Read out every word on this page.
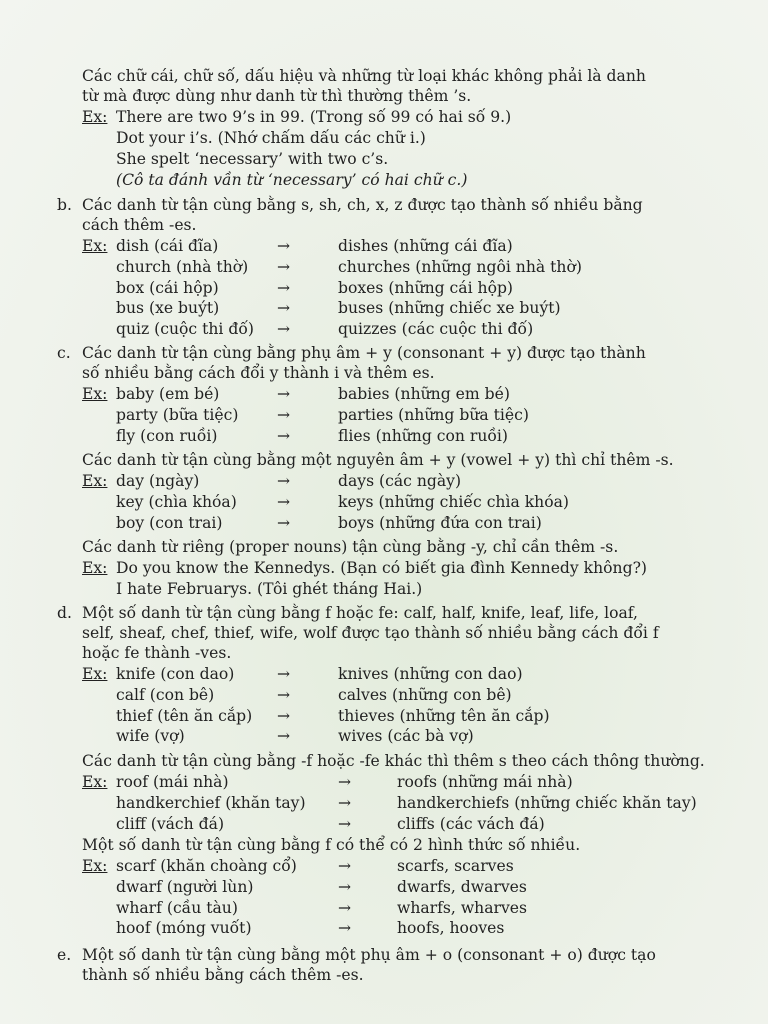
Các chữ cái, chữ số, dấu hiệu và những từ loại khác không phải là danh
từ mà được dùng như danh từ thì thường thêm ’s.
Ex: There are two 9’s in 99. (Trong số 99 có hai số 9.)
Dot your i’s. (Nhớ chấm dấu các chữ i.)
She spelt ‘necessary’ with two c’s.
(Cô ta đánh vần từ ‘necessary’ có hai chữ c.)
b. Các danh từ tận cùng bằng s, sh, ch, x, z được tạo thành số nhiều bằng
cách thêm -es.
Ex: dish (cái đĩa)	→	dishes (những cái đĩa)
church (nhà thờ) →	churches (những ngôi nhà thờ)
box (cái hộp)	→	boxes (những cái hộp)
bus (xe buýt)	→	buses (những chiếc xe buýt)
quiz (cuộc thi đố) →	quizzes (các cuộc thi đố)
c. Các danh từ tận cùng bằng phụ âm + y (consonant + y) được tạo thành
số nhiều bằng cách đổi y thành i và thêm es.
Ex: baby (em bé)	→	babies (những em bé)
party (bữa tiệc) →	parties (những bữa tiệc)
fly (con ruồi)	→	flies (những con ruồi)
Các danh từ tận cùng bằng một nguyên âm + y (vowel + y) thì chỉ thêm -s.
Ex: day (ngày)	→	days (các ngày)
key (chìa khóa)	→	keys (những chiếc chìa khóa)
boy (con trai)	→	boys (những đứa con trai)
Các danh từ riêng (proper nouns) tận cùng bằng -y, chỉ cần thêm -s.
Ex: Do you know the Kennedys. (Bạn có biết gia đình Kennedy không?)
I hate Februarys. (Tôi ghét tháng Hai.)
d. Một số danh từ tận cùng bằng f hoặc fe: calf, half, knife, leaf, life, loaf,
self, sheaf, chef, thief, wife, wolf được tạo thành số nhiều bằng cách đổi f
hoặc fe thành -ves.
Ex: knife (con dao)	→	knives (những con dao)
calf (con bê)	→	calves (những con bê)
thief (tên ăn cắp) →	thieves (những tên ăn cắp)
wife (vợ)	→	wives (các bà vợ)
Các danh từ tận cùng bằng -f hoặc -fe khác thì thêm s theo cách thông thường.
Ex: roof (mái nhà)	→	roofs (những mái nhà)
handkerchief (khăn tay) →	handkerchiefs (những chiếc khăn tay)
cliff (vách đá)	→	cliffs (các vách đá)
Một số danh từ tận cùng bằng f có thể có 2 hình thức số nhiều.
Ex: scarf (khăn choàng cổ)	→	scarfs, scarves
dwarf (người lùn)	→	dwarfs, dwarves
wharf (cầu tàu)	→	wharfs, wharves
hoof (móng vuốt)	→	hoofs, hooves
e. Một số danh từ tận cùng bằng một phụ âm + o (consonant + o) được tạo
thành số nhiều bằng cách thêm -es.
